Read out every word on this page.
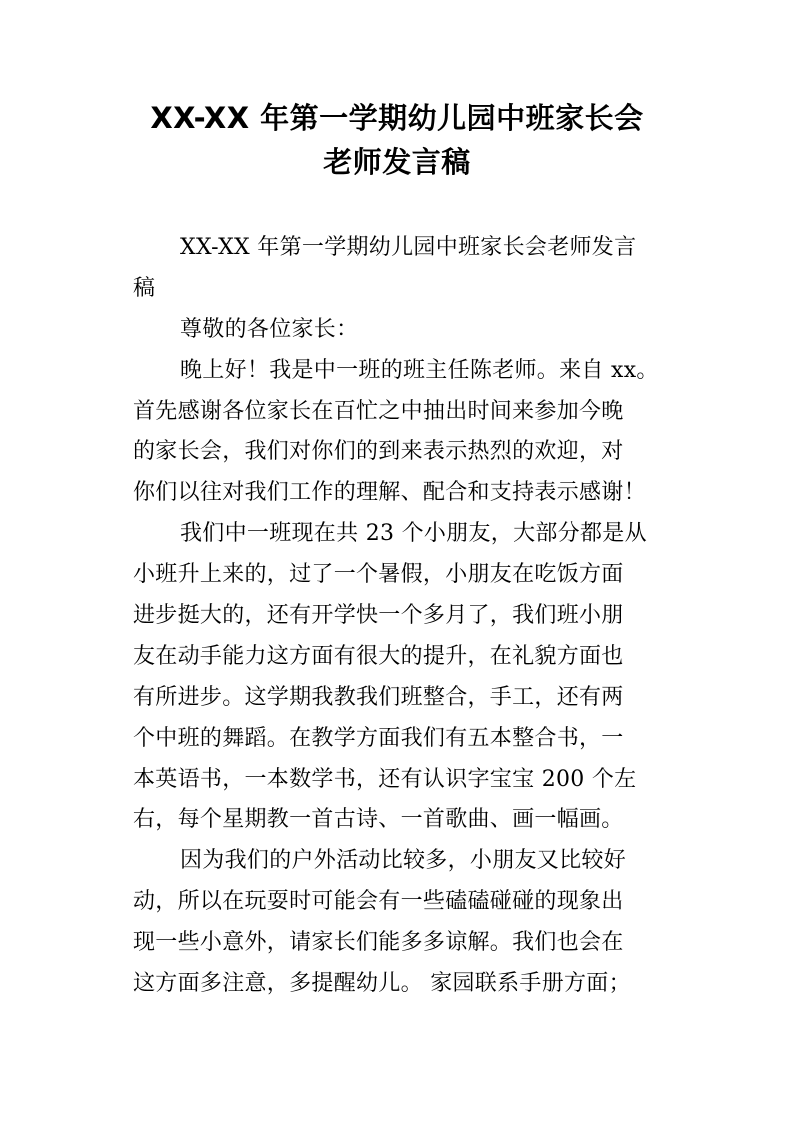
XX-XX 年第一学期幼儿园中班家长会
老师发言稿
XX-XX 年第一学期幼儿园中班家长会老师发言
稿
尊敬的各位家长：
晚上好！我是中一班的班主任陈老师。来自 xx。
首先感谢各位家长在百忙之中抽出时间来参加今晚
的家长会，我们对你们的到来表示热烈的欢迎，对
你们以往对我们工作的理解、配合和支持表示感谢！
我们中一班现在共 23 个小朋友，大部分都是从
小班升上来的，过了一个暑假，小朋友在吃饭方面
进步挺大的，还有开学快一个多月了，我们班小朋
友在动手能力这方面有很大的提升，在礼貌方面也
有所进步。这学期我教我们班整合，手工，还有两
个中班的舞蹈。在教学方面我们有五本整合书，一
本英语书，一本数学书，还有认识字宝宝 200 个左
右，每个星期教一首古诗、一首歌曲、画一幅画。
因为我们的户外活动比较多，小朋友又比较好
动，所以在玩耍时可能会有一些磕磕碰碰的现象出
现一些小意外，请家长们能多多谅解。我们也会在
这方面多注意，多提醒幼儿。 家园联系手册方面；
